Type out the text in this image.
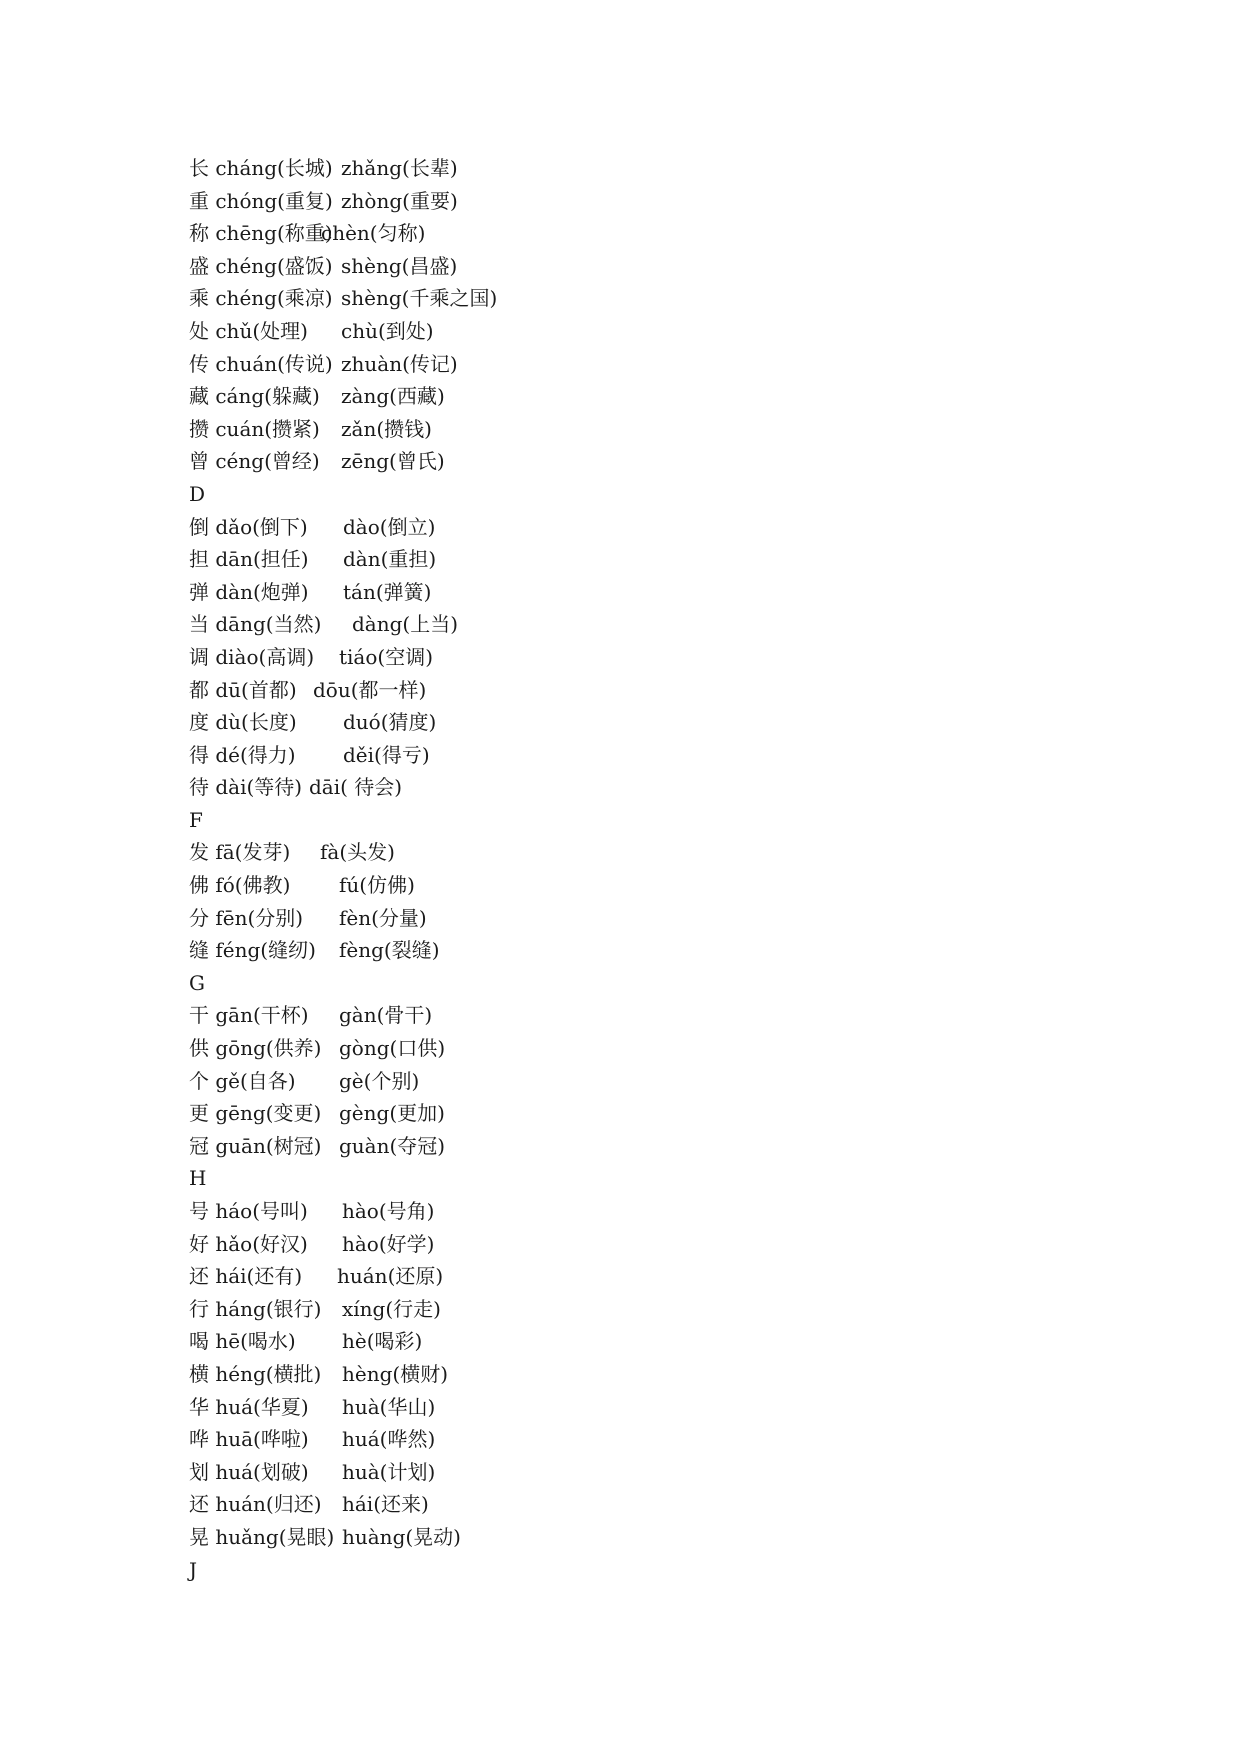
长 cháng(长城) zhǎng(长辈)
重 chóng(重复) zhòng(重要)
称 chēng(称重)
chèn(匀称)
盛 chéng(盛饭) shèng(昌盛)
乘 chéng(乘凉) shèng(千乘之国)
处 chǔ(处理) chù(到处)
传 chuán(传说) zhuàn(传记)
藏 cáng(躲藏) zàng(西藏)
攒 cuán(攒紧) zǎn(攒钱)
曾 céng(曾经) zēng(曾氏)
D
倒 dǎo(倒下) dào(倒立)
担 dān(担任) dàn(重担)
弹 dàn(炮弹) tán(弹簧)
当 dāng(当然) dàng(上当)
调 diào(高调) tiáo(空调)
都 dū(首都) dōu(都一样)
度 dù(长度) duó(猜度)
得 dé(得力) děi(得亏)
待 dài(等待) dāi( 待会)
F
发 fā(发芽) fà(头发)
佛 fó(佛教) fú(仿佛)
分 fēn(分别) fèn(分量)
缝 féng(缝纫) fèng(裂缝)
G
干 gān(干杯) gàn(骨干)
供 gōng(供养) gòng(口供)
个 gě(自各) gè(个别)
更 gēng(变更) gèng(更加)
冠 guān(树冠) guàn(夺冠)
H
号 háo(号叫) hào(号角)
好 hǎo(好汉) hào(好学)
还 hái(还有) huán(还原)
行 háng(银行) xíng(行走)
喝 hē(喝水) hè(喝彩)
横 héng(横批) hèng(横财)
华 huá(华夏) huà(华山)
哗 huā(哗啦) huá(哗然)
划 huá(划破) huà(计划)
还 huán(归还) hái(还来)
晃 huǎng(晃眼) huàng(晃动)
J
